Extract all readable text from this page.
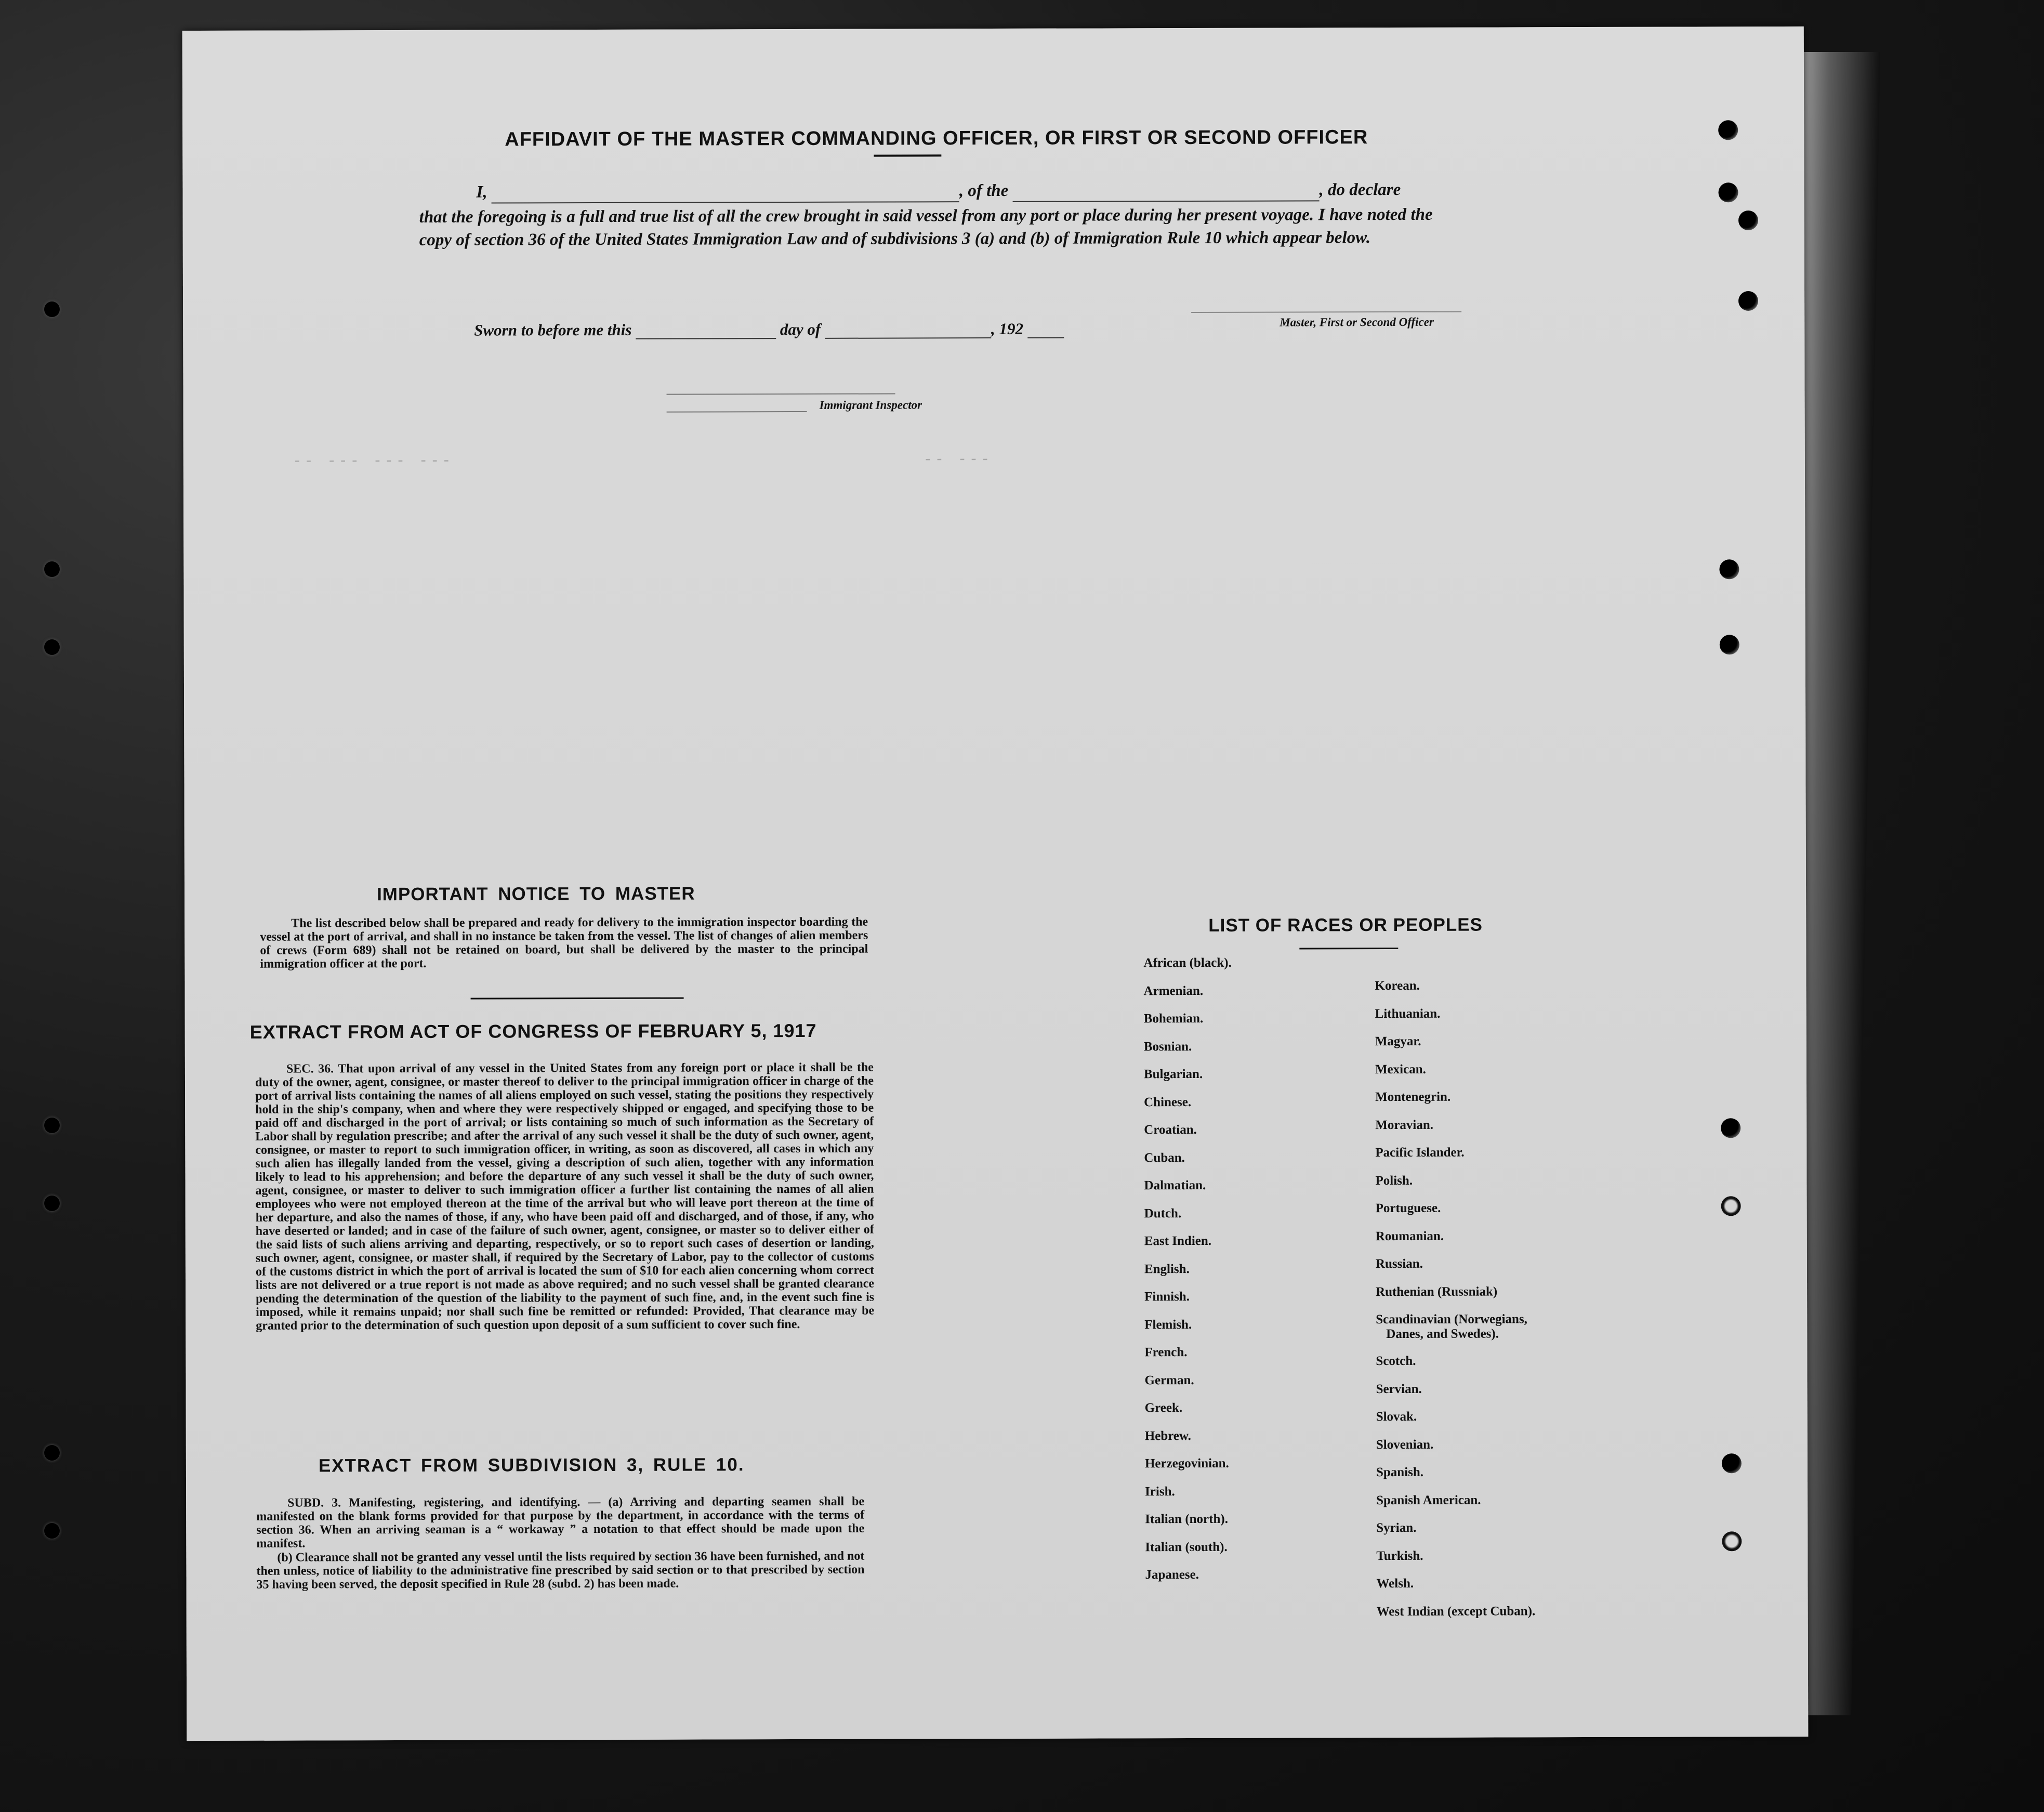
-- --- --- ---                                         -- ---
AFFIDAVIT OF THE MASTER COMMANDING OFFICER, OR FIRST OR SECOND OFFICER
I,	, of the	, do declare
that the foregoing is a full and true list of all the crew brought in said vessel from any port or place during her present voyage. I have noted the copy of section 36 of the United States Immigration Law and of subdivisions 3 (a) and (b) of Immigration Rule 10 which appear below.
Master, First or Second Officer
Sworn to before me this	day of	, 192
Immigrant Inspector
IMPORTANT NOTICE TO MASTER
The list described below shall be prepared and ready for delivery to the immigration inspector boarding the vessel at the port of arrival, and shall in no instance be taken from the vessel. The list of changes of alien members of crews (Form 689) shall not be retained on board, but shall be delivered by the master to the principal immigration officer at the port.
EXTRACT FROM ACT OF CONGRESS OF FEBRUARY 5, 1917
SEC. 36. That upon arrival of any vessel in the United States from any foreign port or place it shall be the duty of the owner, agent, consignee, or master thereof to deliver to the principal immigration officer in charge of the port of arrival lists containing the names of all aliens employed on such vessel, stating the positions they respectively hold in the ship's company, when and where they were respectively shipped or engaged, and specifying those to be paid off and discharged in the port of arrival; or lists containing so much of such information as the Secretary of Labor shall by regulation prescribe; and after the arrival of any such vessel it shall be the duty of such owner, agent, consignee, or master to report to such immigration officer, in writing, as soon as discovered, all cases in which any such alien has illegally landed from the vessel, giving a description of such alien, together with any information likely to lead to his apprehension; and before the departure of any such vessel it shall be the duty of such owner, agent, consignee, or master to deliver to such immigration officer a further list containing the names of all alien employees who were not employed thereon at the time of the arrival but who will leave port thereon at the time of her departure, and also the names of those, if any, who have been paid off and discharged, and of those, if any, who have deserted or landed; and in case of the failure of such owner, agent, consignee, or master so to deliver either of the said lists of such aliens arriving and departing, respectively, or so to report such cases of desertion or landing, such owner, agent, consignee, or master shall, if required by the Secretary of Labor, pay to the collector of customs of the customs district in which the port of arrival is located the sum of $10 for each alien concerning whom correct lists are not delivered or a true report is not made as above required; and no such vessel shall be granted clearance pending the determination of the question of the liability to the payment of such fine, and, in the event such fine is imposed, while it remains unpaid; nor shall such fine be remitted or refunded: Provided, That clearance may be granted prior to the determination of such question upon deposit of a sum sufficient to cover such fine.
EXTRACT FROM SUBDIVISION 3, RULE 10.
SUBD. 3. Manifesting, registering, and identifying. — (a) Arriving and departing seamen shall be manifested on the blank forms provided for that purpose by the department, in accordance with the terms of section 36. When an arriving seaman is a “ workaway ” a notation to that effect should be made upon the manifest.
(b) Clearance shall not be granted any vessel until the lists required by section 36 have been furnished, and not then unless, notice of liability to the administrative fine prescribed by said section or to that prescribed by section 35 having been served, the deposit specified in Rule 28 (subd. 2) has been made.
LIST OF RACES OR PEOPLES
African (black).
Armenian.
Bohemian.
Bosnian.
Bulgarian.
Chinese.
Croatian.
Cuban.
Dalmatian.
Dutch.
East Indien.
English.
Finnish.
Flemish.
French.
German.
Greek.
Hebrew.
Herzegovinian.
Irish.
Italian (north).
Italian (south).
Japanese.
Korean.
Lithuanian.
Magyar.
Mexican.
Montenegrin.
Moravian.
Pacific Islander.
Polish.
Portuguese.
Roumanian.
Russian.
Ruthenian (Russniak)
Scandinavian (Norwegians,
Danes, and Swedes).
Scotch.
Servian.
Slovak.
Slovenian.
Spanish.
Spanish American.
Syrian.
Turkish.
Welsh.
West Indian (except Cuban).
